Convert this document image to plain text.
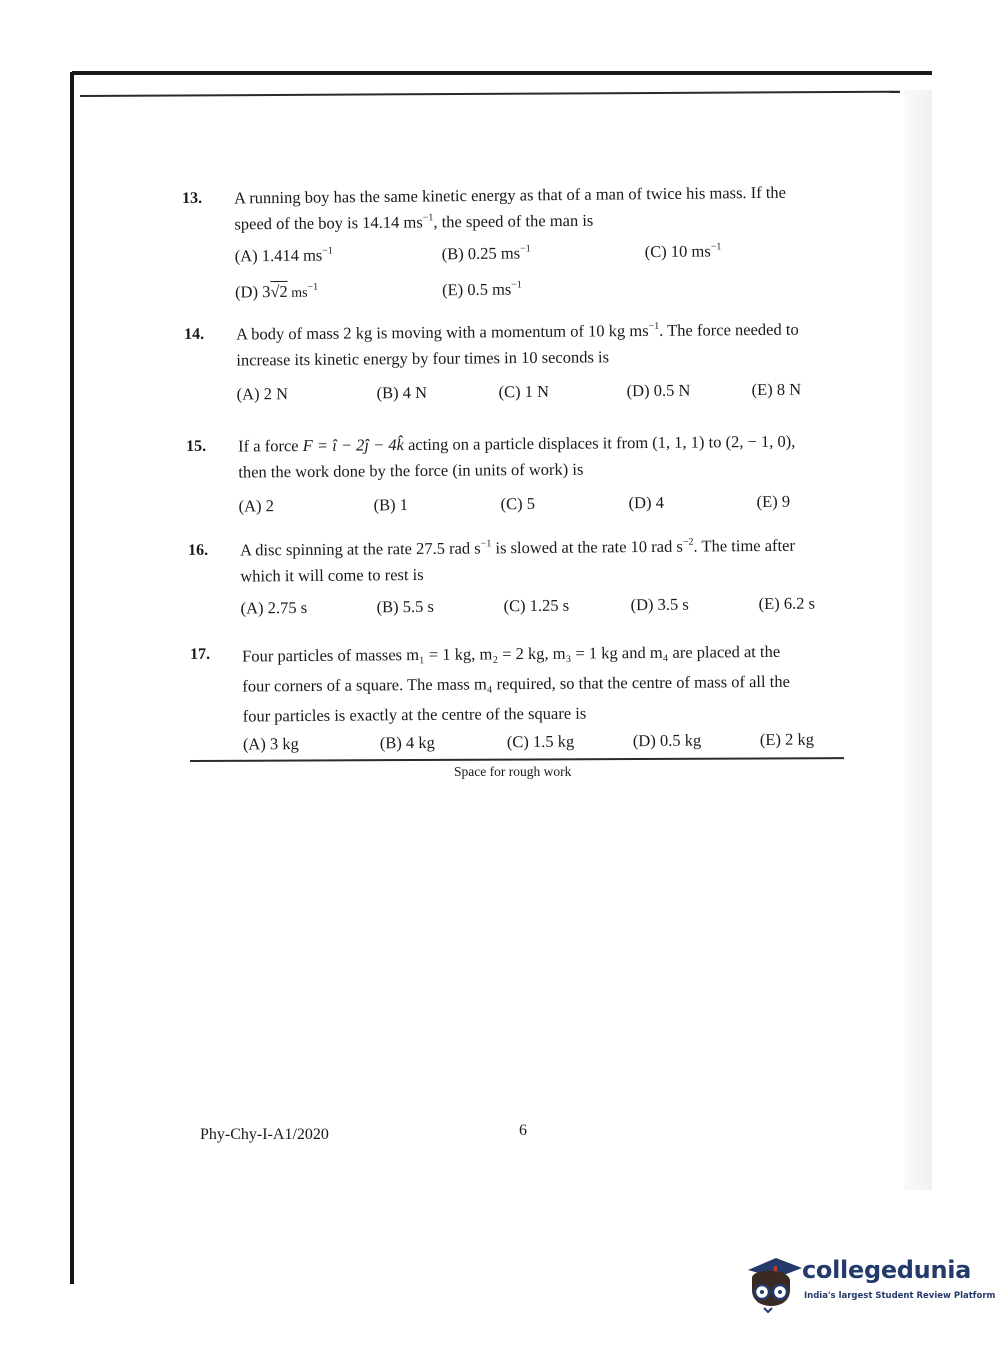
13. A running boy has the same kinetic energy as that of a man of twice his mass. If the
speed of the boy is 14.14 $ms^{-1}$, the speed of the man is
(A) 1.414 $ms^{-1}$	(B) 0.25 $ms^{-1}$	(C) 10 $ms^{-1}$
(D) 3√2 $ms^{-1}$	(E) 0.5 $ms^{-1}$
14. A body of mass 2 kg is moving with a momentum of 10 kg $ms^{-1}$. The force needed to
increase its kinetic energy by four times in 10 seconds is
(A) 2 N	(B) 4 N	(C) 1 N	(D) 0.5 N	(E) 8 N
15. If a force F = î − 2ĵ − 4k̂ acting on a particle displaces it from (1, 1, 1) to (2, − 1, 0),
then the work done by the force (in units of work) is
(A) 2	(B) 1	(C) 5	(D) 4	(E) 9
16. A disc spinning at the rate 27.5 rad $s^{-1}$ is slowed at the rate 10 rad $s^{-2}$. The time after
which it will come to rest is
(A) 2.75 s	(B) 5.5 s	(C) 1.25 s	(D) 3.5 s	(E) 6.2 s
17. Four particles of masses m₁ = 1 kg, m₂ = 2 kg, m₃ = 1 kg and m₄ are placed at the
four corners of a square. The mass m₄ required, so that the centre of mass of all the
four particles is exactly at the centre of the square is
(A) 3 kg	(B) 4 kg	(C) 1.5 kg	(D) 0.5 kg	(E) 2 kg
Space for rough work
Phy-Chy-I-A1/2020	6
collegedunia
India's largest Student Review Platform
